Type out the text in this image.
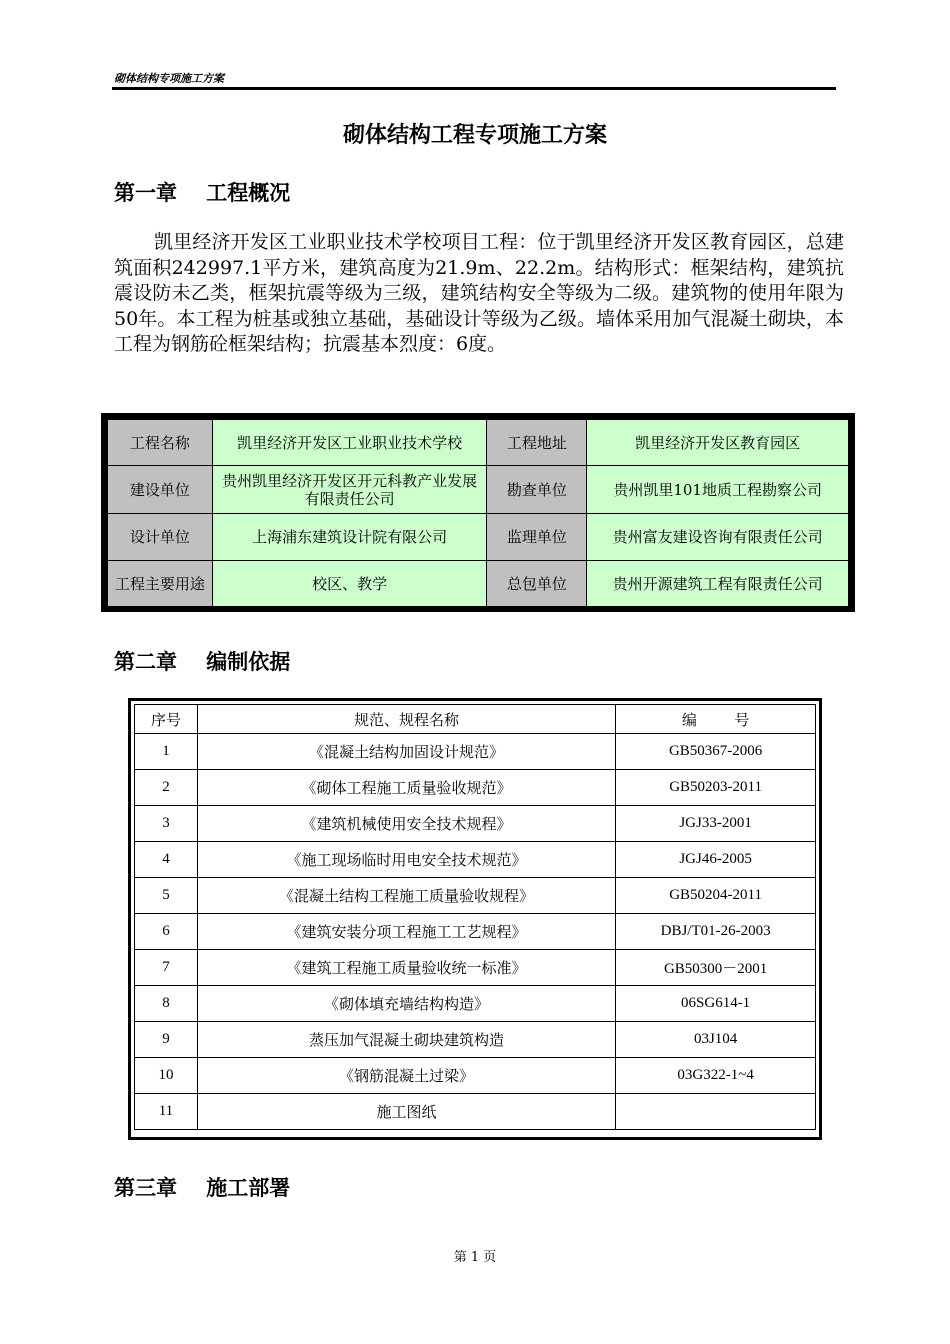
砌体结构专项施工方案
砌体结构工程专项施工方案
第一章    工程概况
凯里经济开发区工业职业技术学校项目工程：位于凯里经济开发区教育园区，总建筑面积242997.1平方米，建筑高度为21.9m、22.2m。结构形式：框架结构，建筑抗震设防未乙类，框架抗震等级为三级，建筑结构安全等级为二级。建筑物的使用年限为50年。本工程为桩基或独立基础，基础设计等级为乙级。墙体采用加气混凝土砌块，本工程为钢筋砼框架结构；抗震基本烈度：6度。
工程名称	凯里经济开发区工业职业技术学校	工程地址	凯里经济开发区教育园区
建设单位	贵州凯里经济开发区开元科教产业发展有限责任公司	勘查单位	贵州凯里101地质工程勘察公司
设计单位	上海浦东建筑设计院有限公司	监理单位	贵州富友建设咨询有限责任公司
工程主要用途	校区、教学	总包单位	贵州开源建筑工程有限责任公司
第二章    编制依据
序号	规范、规程名称	编          号
1	《混凝土结构加固设计规范》	GB50367-2006
2	《砌体工程施工质量验收规范》	GB50203-2011
3	《建筑机械使用安全技术规程》	JGJ33-2001
4	《施工现场临时用电安全技术规范》	JGJ46-2005
5	《混凝土结构工程施工质量验收规程》	GB50204-2011
6	《建筑安装分项工程施工工艺规程》	DBJ/T01-26-2003
7	《建筑工程施工质量验收统一标准》	GB50300－2001
8	《砌体填充墙结构构造》	06SG614-1
9	蒸压加气混凝土砌块建筑构造	03J104
10	《钢筋混凝土过梁》	03G322-1~4
11	施工图纸	
第三章    施工部署
第 1 页
